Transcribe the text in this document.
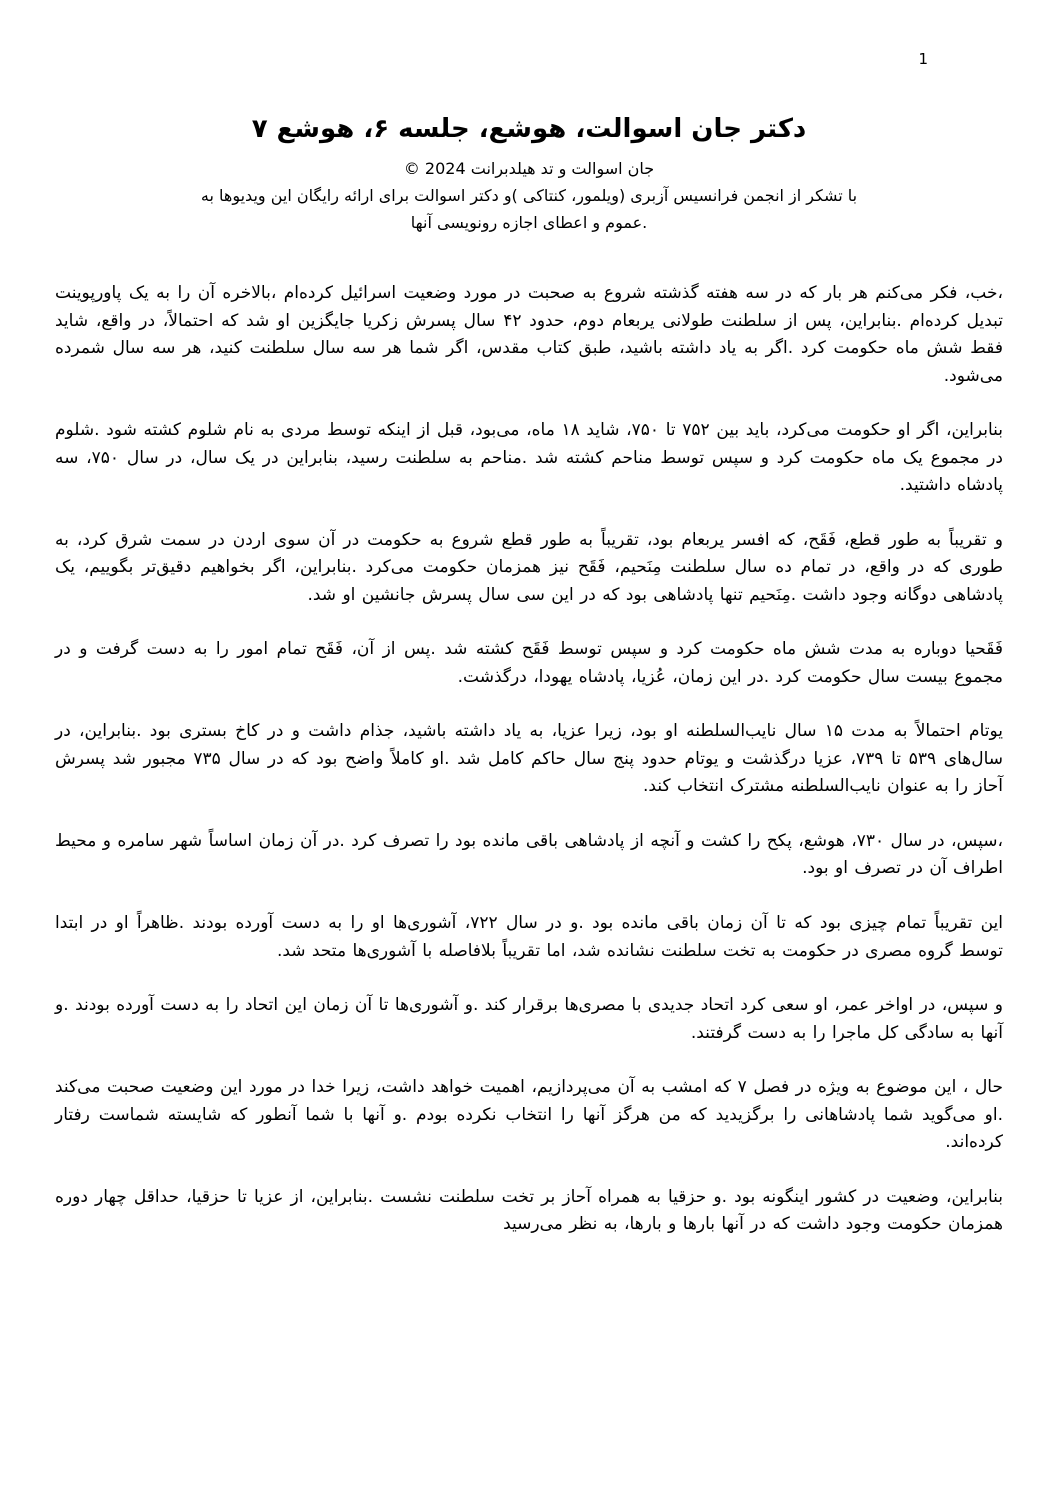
1
دکتر جان اسوالت، هوشع، جلسه ۶، هوشع ۷
جان اسوالت و تد هیلدبرانت 2024 ©
با تشکر از انجمن فرانسیس آزبری (ویلمور، کنتاکی )و دکتر اسوالت برای ارائه رایگان این ویدیوها به
.عموم و اعطای اجازه رونویسی آنها

،خب، فکر می‌کنم هر بار که در سه هفته گذشته شروع به صحبت در مورد وضعیت اسرائیل کرده‌ام ،بالاخره آن را به یک پاورپوینت تبدیل کرده‌ام .بنابراین، پس از سلطنت طولانی یربعام دوم، حدود ۴۲ سال پسرش زکریا جایگزین او شد که احتمالاً، در واقع، شاید فقط شش ماه حکومت کرد .اگر به یاد داشته باشید، طبق کتاب مقدس، اگر شما هر سه سال سلطنت کنید، هر سه سال شمرده می‌شود.

بنابراین، اگر او حکومت می‌کرد، باید بین ۷۵۲ تا ۷۵۰، شاید ۱۸ ماه، می‌بود، قبل از اینکه توسط مردی به نام شلوم کشته شود .شلوم در مجموع یک ماه حکومت کرد و سپس توسط مناحم کشته شد .مناحم به سلطنت رسید، بنابراین در یک سال، در سال ۷۵۰، سه پادشاه داشتید.

و تقریباً به طور قطع، فَقَح، که افسر یربعام بود، تقریباً به طور قطع شروع به حکومت در آن سوی اردن در سمت شرق کرد، به طوری که در واقع، در تمام ده سال سلطنت مِنَحیم، فَقَح نیز همزمان حکومت می‌کرد .بنابراین، اگر بخواهیم دقیق‌تر بگوییم، یک پادشاهی دوگانه وجود داشت .مِنَحیم تنها پادشاهی بود که در این سی سال پسرش جانشین او شد.

فَقَحیا دوباره به مدت شش ماه حکومت کرد و سپس توسط فَقَح کشته شد .پس از آن، فَقَح تمام امور را به دست گرفت و در مجموع بیست سال حکومت کرد .در این زمان، عُزیا، پادشاه یهودا، درگذشت.

یوتام احتمالاً به مدت ۱۵ سال نایب‌السلطنه او بود، زیرا عزیا، به یاد داشته باشید، جذام داشت و در کاخ بستری بود .بنابراین، در سال‌های ۵۳۹ تا ۷۳۹، عزیا درگذشت و یوتام حدود پنج سال حاکم کامل شد .او کاملاً واضح بود که در سال ۷۳۵ مجبور شد پسرش آحاز را به عنوان نایب‌السلطنه مشترک انتخاب کند.

،سپس، در سال ۷۳۰، هوشع، پکح را کشت و آنچه از پادشاهی باقی مانده بود را تصرف کرد .در آن زمان اساساً شهر سامره و محیط اطراف آن در تصرف او بود.

این تقریباً تمام چیزی بود که تا آن زمان باقی مانده بود .و در سال ۷۲۲، آشوری‌ها او را به دست آورده بودند .ظاهراً او در ابتدا توسط گروه مصری در حکومت به تخت سلطنت نشانده شد، اما تقریباً بلافاصله با آشوری‌ها متحد شد.

و سپس، در اواخر عمر، او سعی کرد اتحاد جدیدی با مصری‌ها برقرار کند .و آشوری‌ها تا آن زمان این اتحاد را به دست آورده بودند .و آنها به سادگی کل ماجرا را به دست گرفتند.

حال ، این موضوع به ویژه در فصل ۷ که امشب به آن می‌پردازیم، اهمیت خواهد داشت، زیرا خدا در مورد این وضعیت صحبت می‌کند .او می‌گوید شما پادشاهانی را برگزیدید که من هرگز آنها را انتخاب نکرده بودم .و آنها با شما آنطور که شایسته شماست رفتار کرده‌اند.

بنابراین، وضعیت در کشور اینگونه بود .و حزقیا به همراه آحاز بر تخت سلطنت نشست .بنابراین، از عزیا تا حزقیا، حداقل چهار دوره همزمان حکومت وجود داشت که در آنها بارها و بارها، به نظر می‌رسید
